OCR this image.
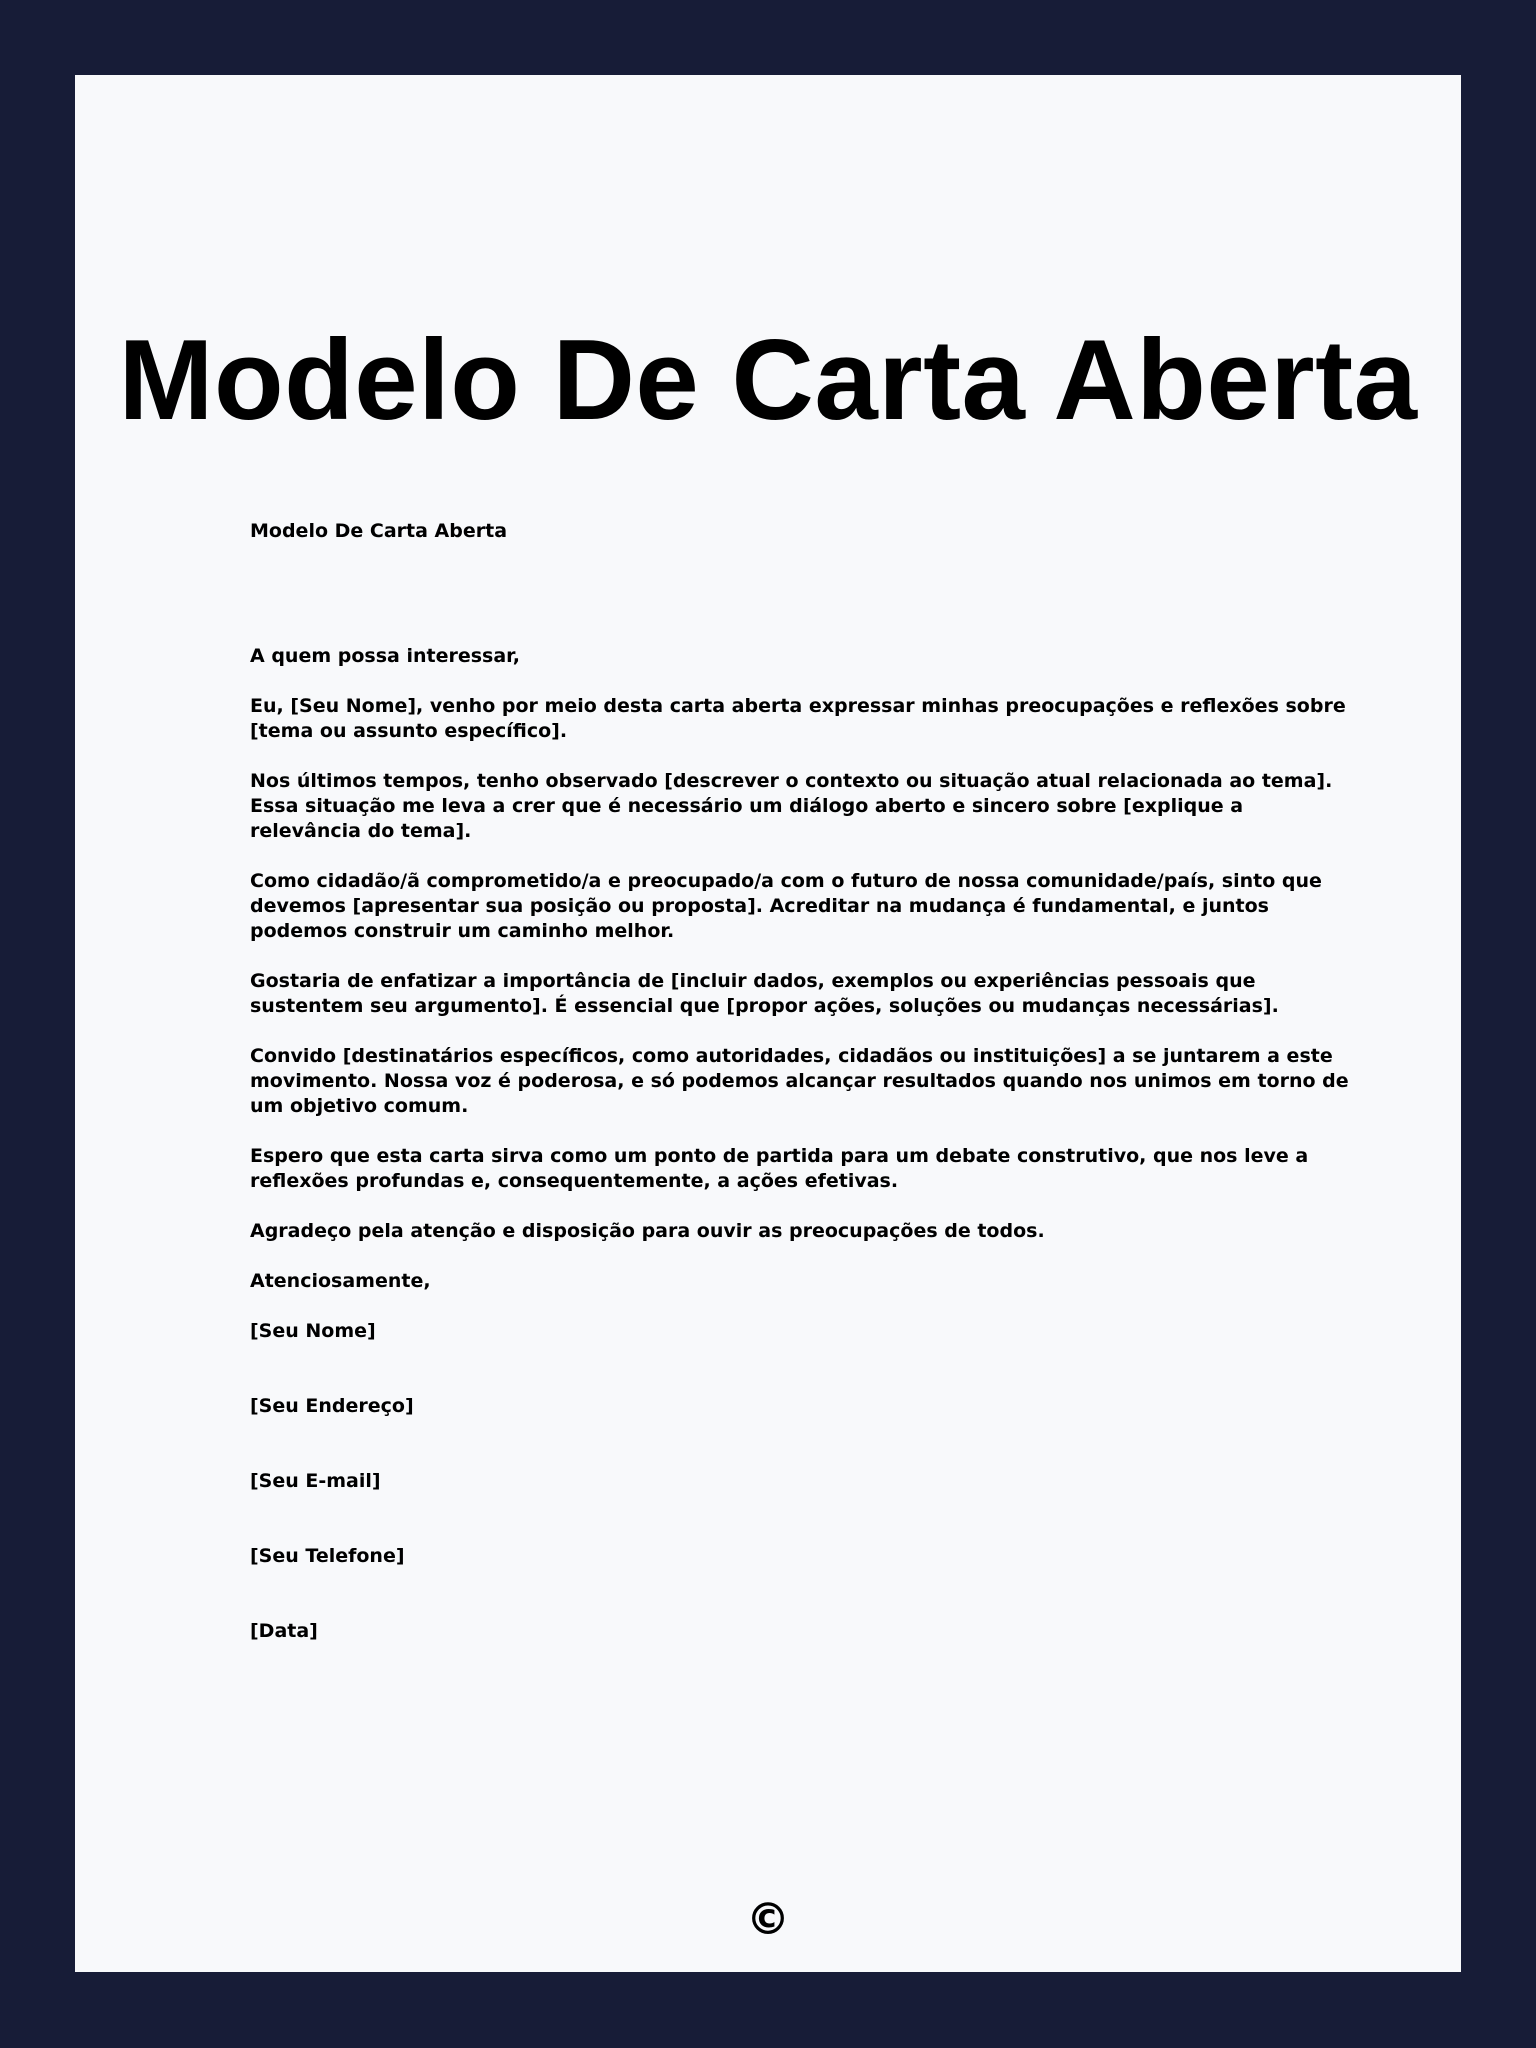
Modelo De Carta Aberta

Modelo De Carta Aberta

A quem possa interessar,

Eu, [Seu Nome], venho por meio desta carta aberta expressar minhas preocupações e reflexões sobre [tema ou assunto específico].

Nos últimos tempos, tenho observado [descrever o contexto ou situação atual relacionada ao tema]. Essa situação me leva a crer que é necessário um diálogo aberto e sincero sobre [explique a relevância do tema].

Como cidadão/ã comprometido/a e preocupado/a com o futuro de nossa comunidade/país, sinto que devemos [apresentar sua posição ou proposta]. Acreditar na mudança é fundamental, e juntos podemos construir um caminho melhor.

Gostaria de enfatizar a importância de [incluir dados, exemplos ou experiências pessoais que sustentem seu argumento]. É essencial que [propor ações, soluções ou mudanças necessárias].

Convido [destinatários específicos, como autoridades, cidadãos ou instituições] a se juntarem a este movimento. Nossa voz é poderosa, e só podemos alcançar resultados quando nos unimos em torno de um objetivo comum.

Espero que esta carta sirva como um ponto de partida para um debate construtivo, que nos leve a reflexões profundas e, consequentemente, a ações efetivas.

Agradeço pela atenção e disposição para ouvir as preocupações de todos.

Atenciosamente,

[Seu Nome]

[Seu Endereço]

[Seu E-mail]

[Seu Telefone]

[Data]

©
